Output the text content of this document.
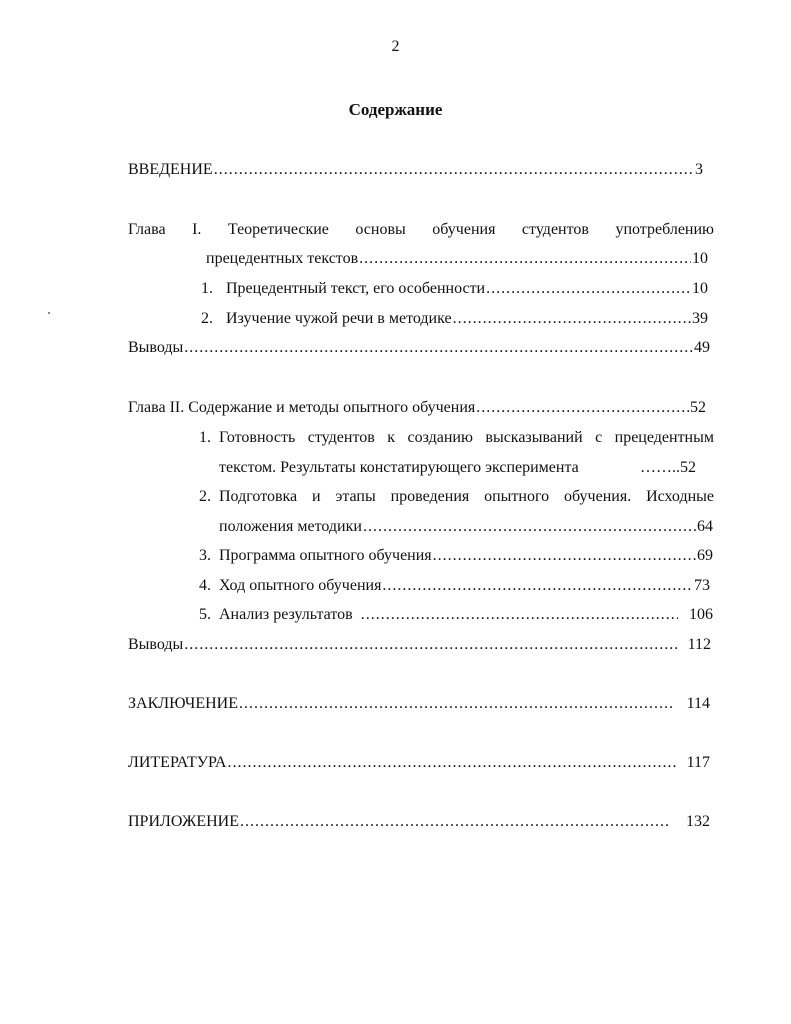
2
Содержание
ВВЕДЕНИЕ .....	3
Глава I. Теоретические основы обучения студентов употреблению
прецедентных текстов .....	10
1. Прецедентный текст, его особенности .....	10
2. Изучение чужой речи в методике .....	39
Выводы .....	49
Глава II. Содержание и методы опытного обучения .....	52
1. Готовность студентов к созданию высказываний с прецедентным
текстом. Результаты констатирующего эксперимента	……..52
2. Подготовка и этапы проведения опытного обучения. Исходные
положения методики .....	64
3. Программа опытного обучения .....	69
4. Ход опытного обучения .....	73
5. Анализ результатов .....	106
Выводы .....	112
ЗАКЛЮЧЕНИЕ .....	114
ЛИТЕРАТУРА .....	117
ПРИЛОЖЕНИЕ .....	132
